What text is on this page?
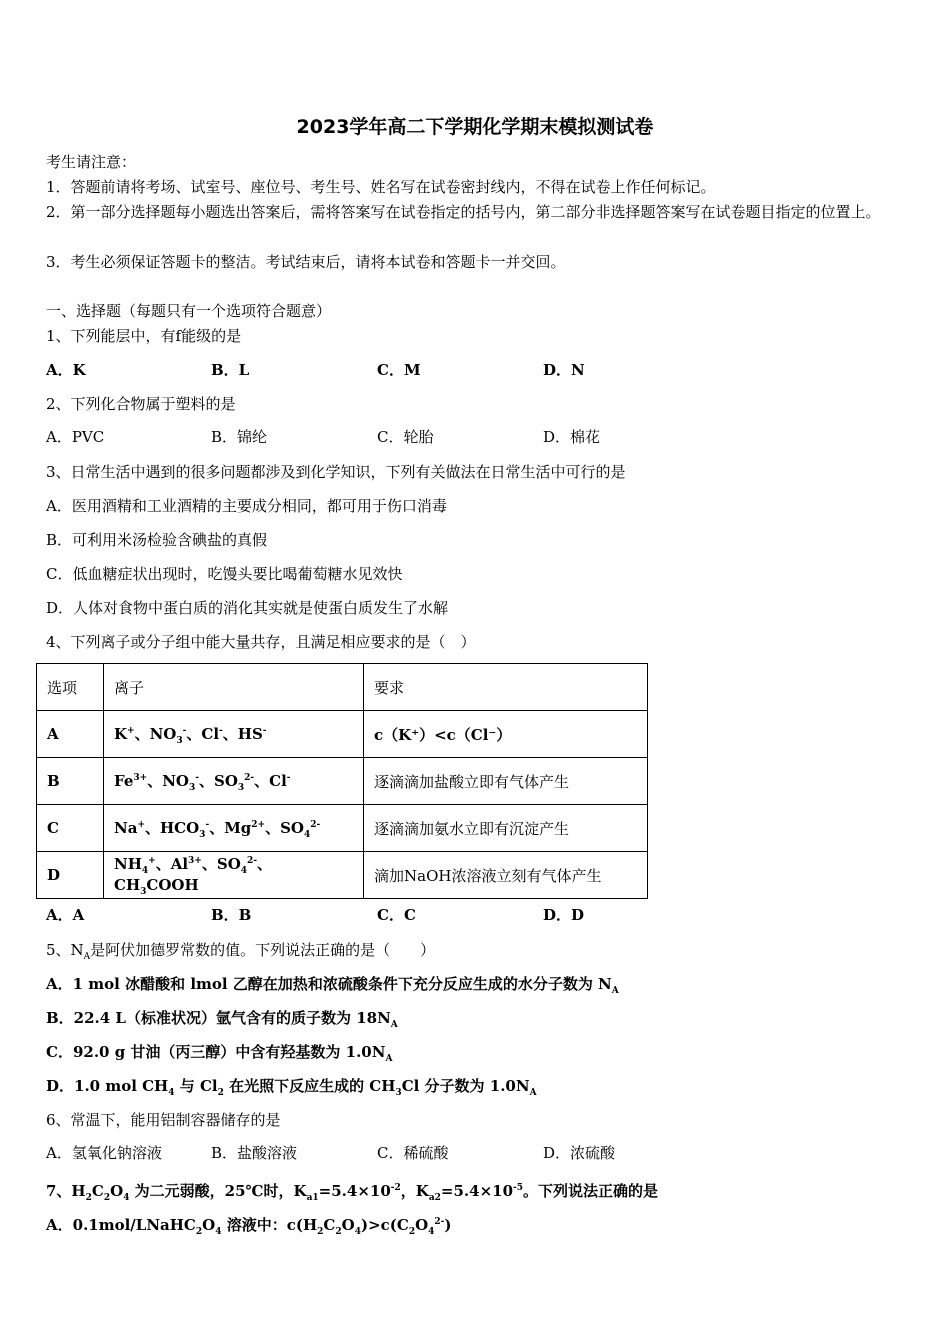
2023学年高二下学期化学期末模拟测试卷
考生请注意：
1．答题前请将考场、试室号、座位号、考生号、姓名写在试卷密封线内，不得在试卷上作任何标记。
2．第一部分选择题每小题选出答案后，需将答案写在试卷指定的括号内，第二部分非选择题答案写在试卷题目指定的位置上。
3．考生必须保证答题卡的整洁。考试结束后，请将本试卷和答题卡一并交回。
一、选择题（每题只有一个选项符合题意）
1、下列能层中，有f能级的是
A．K	B．L	C．M	D．N
2、下列化合物属于塑料的是
A．PVC	B．锦纶	C．轮胎	D．棉花
3、日常生活中遇到的很多问题都涉及到化学知识，下列有关做法在日常生活中可行的是
A．医用酒精和工业酒精的主要成分相同，都可用于伤口消毒
B．可利用米汤检验含碘盐的真假
C．低血糖症状出现时，吃馒头要比喝葡萄糖水见效快
D．人体对食物中蛋白质的消化其实就是使蛋白质发生了水解
4、下列离子或分子组中能大量共存，且满足相应要求的是（　）
选项	离子	要求
A	K+、$NO_3^-$、Cl-、HS-	c（K⁺）<c（Cl⁻）
B	$Fe^{3+}$、$NO_3^-$、$SO_3^{2-}$、Cl-	逐滴滴加盐酸立即有气体产生
C	Na+、$HCO_3^-$、$Mg^{2+}$、$SO_4^{2-}$	逐滴滴加氨水立即有沉淀产生
D	$NH_4^+$、$Al^{3+}$、$SO_4^{2-}$、$CH_3COOH$	滴加NaOH浓溶液立刻有气体产生
A．A	B．B	C．C	D．D
5、$N_A$是阿伏加德罗常数的值。下列说法正确的是（　　）
A．1 mol 冰醋酸和 lmol 乙醇在加热和浓硫酸条件下充分反应生成的水分子数为 $N_A$
B．22.4 L（标准状况）氩气含有的质子数为 $18N_A$
C．92.0 g 甘油（丙三醇）中含有羟基数为 $1.0N_A$
D．1.0 mol $CH_4$ 与 $Cl_2$ 在光照下反应生成的 $CH_3Cl$ 分子数为 $1.0N_A$
6、常温下，能用铝制容器储存的是
A．氢氧化钠溶液	B．盐酸溶液	C．稀硫酸	D．浓硫酸
7、$H_2C_2O_4$ 为二元弱酸，25℃时，$K_{a1}=5.4\times 10^{-2}$，$K_{a2}=5.4\times 10^{-5}$。下列说法正确的是
A．$0.1mol/LNaHC_2O_4$ 溶液中：$c(H_2C_2O_4)>c(C_2O_4^{2-})$
